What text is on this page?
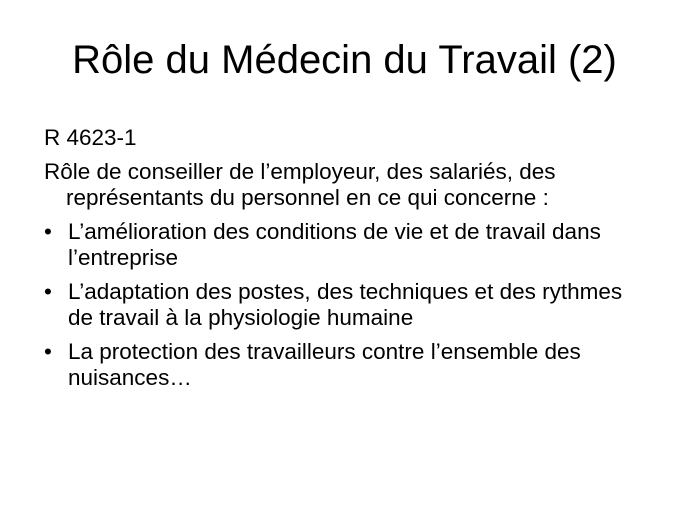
Rôle du Médecin du Travail (2)
R 4623-1
Rôle de conseiller de l’employeur, des salariés, des représentants du personnel en ce qui concerne :
• L’amélioration des conditions de vie et de travail dans l’entreprise
• L’adaptation des postes, des techniques et des rythmes de travail à la physiologie humaine
• La protection des travailleurs contre l’ensemble des nuisances…
